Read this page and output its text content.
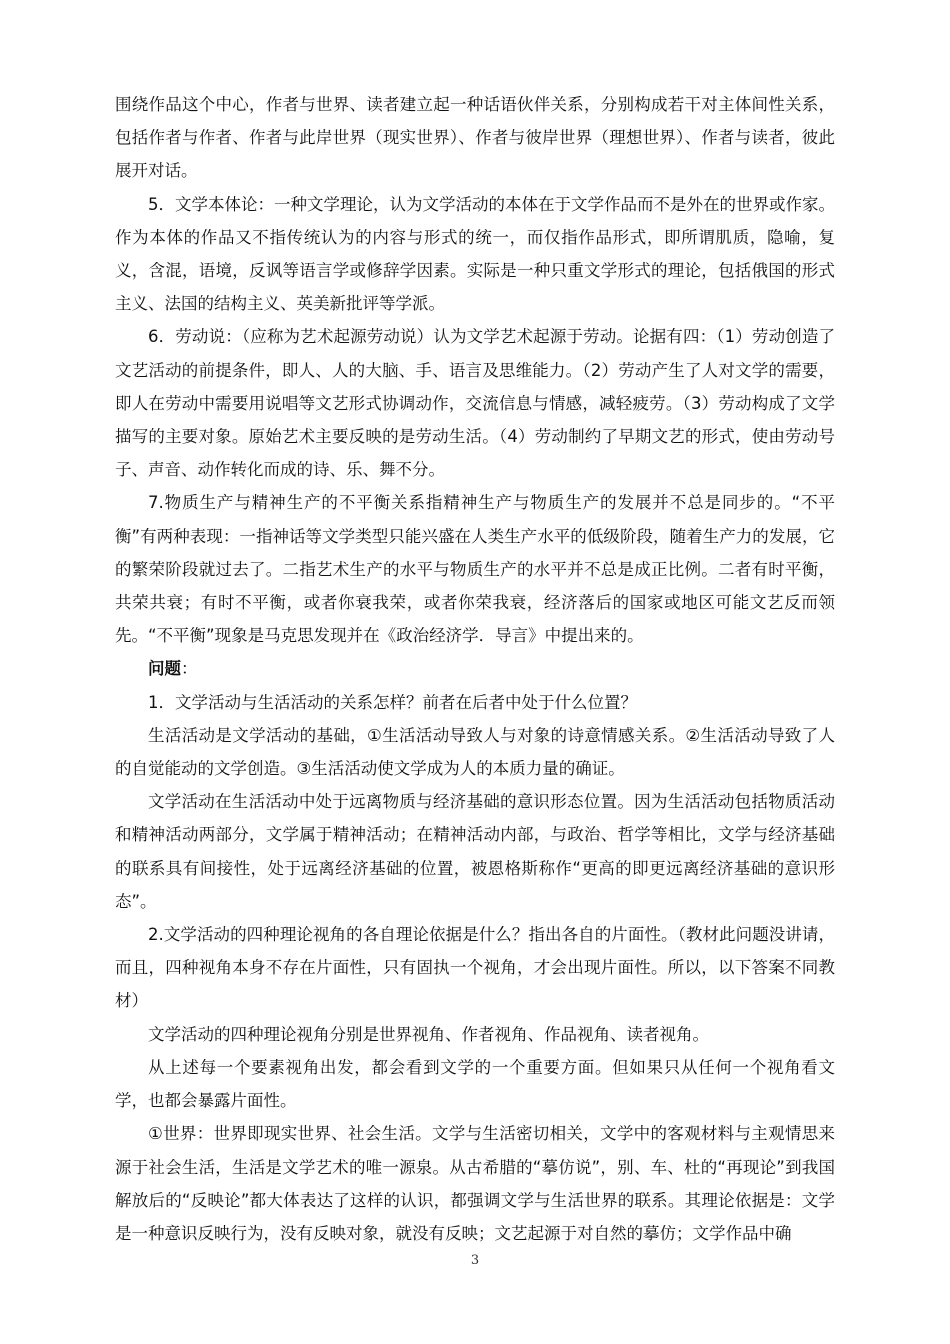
围绕作品这个中心，作者与世界、读者建立起一种话语伙伴关系，分别构成若干对主体间性关系，包括作者与作者、作者与此岸世界（现实世界）、作者与彼岸世界（理想世界）、作者与读者，彼此展开对话。

5．文学本体论：一种文学理论，认为文学活动的本体在于文学作品而不是外在的世界或作家。作为本体的作品又不指传统认为的内容与形式的统一，而仅指作品形式，即所谓肌质，隐喻，复义，含混，语境，反讽等语言学或修辞学因素。实际是一种只重文学形式的理论，包括俄国的形式主义、法国的结构主义、英美新批评等学派。

6．劳动说：（应称为艺术起源劳动说）认为文学艺术起源于劳动。论据有四：（1）劳动创造了文艺活动的前提条件，即人、人的大脑、手、语言及思维能力。（2）劳动产生了人对文学的需要，即人在劳动中需要用说唱等文艺形式协调动作，交流信息与情感，减轻疲劳。（3）劳动构成了文学描写的主要对象。原始艺术主要反映的是劳动生活。（4）劳动制约了早期文艺的形式，使由劳动号子、声音、动作转化而成的诗、乐、舞不分。

7.物质生产与精神生产的不平衡关系指精神生产与物质生产的发展并不总是同步的。“不平衡”有两种表现：一指神话等文学类型只能兴盛在人类生产水平的低级阶段，随着生产力的发展，它的繁荣阶段就过去了。二指艺术生产的水平与物质生产的水平并不总是成正比例。二者有时平衡，共荣共衰；有时不平衡，或者你衰我荣，或者你荣我衰，经济落后的国家或地区可能文艺反而领先。“不平衡”现象是马克思发现并在《政治经济学．导言》中提出来的。

问题：

1．文学活动与生活活动的关系怎样？前者在后者中处于什么位置？

生活活动是文学活动的基础，①生活活动导致人与对象的诗意情感关系。②生活活动导致了人的自觉能动的文学创造。③生活活动使文学成为人的本质力量的确证。

文学活动在生活活动中处于远离物质与经济基础的意识形态位置。因为生活活动包括物质活动和精神活动两部分，文学属于精神活动；在精神活动内部，与政治、哲学等相比，文学与经济基础的联系具有间接性，处于远离经济基础的位置，被恩格斯称作“更高的即更远离经济基础的意识形态”。

2.文学活动的四种理论视角的各自理论依据是什么？指出各自的片面性。（教材此问题没讲请，而且，四种视角本身不存在片面性，只有固执一个视角，才会出现片面性。所以，以下答案不同教材）

文学活动的四种理论视角分别是世界视角、作者视角、作品视角、读者视角。

从上述每一个要素视角出发，都会看到文学的一个重要方面。但如果只从任何一个视角看文学，也都会暴露片面性。

①世界：世界即现实世界、社会生活。文学与生活密切相关，文学中的客观材料与主观情思来源于社会生活，生活是文学艺术的唯一源泉。从古希腊的“摹仿说”，别、车、杜的“再现论”到我国解放后的“反映论”都大体表达了这样的认识，都强调文学与生活世界的联系。其理论依据是：文学是一种意识反映行为，没有反映对象，就没有反映；文艺起源于对自然的摹仿；文学作品中确

3
